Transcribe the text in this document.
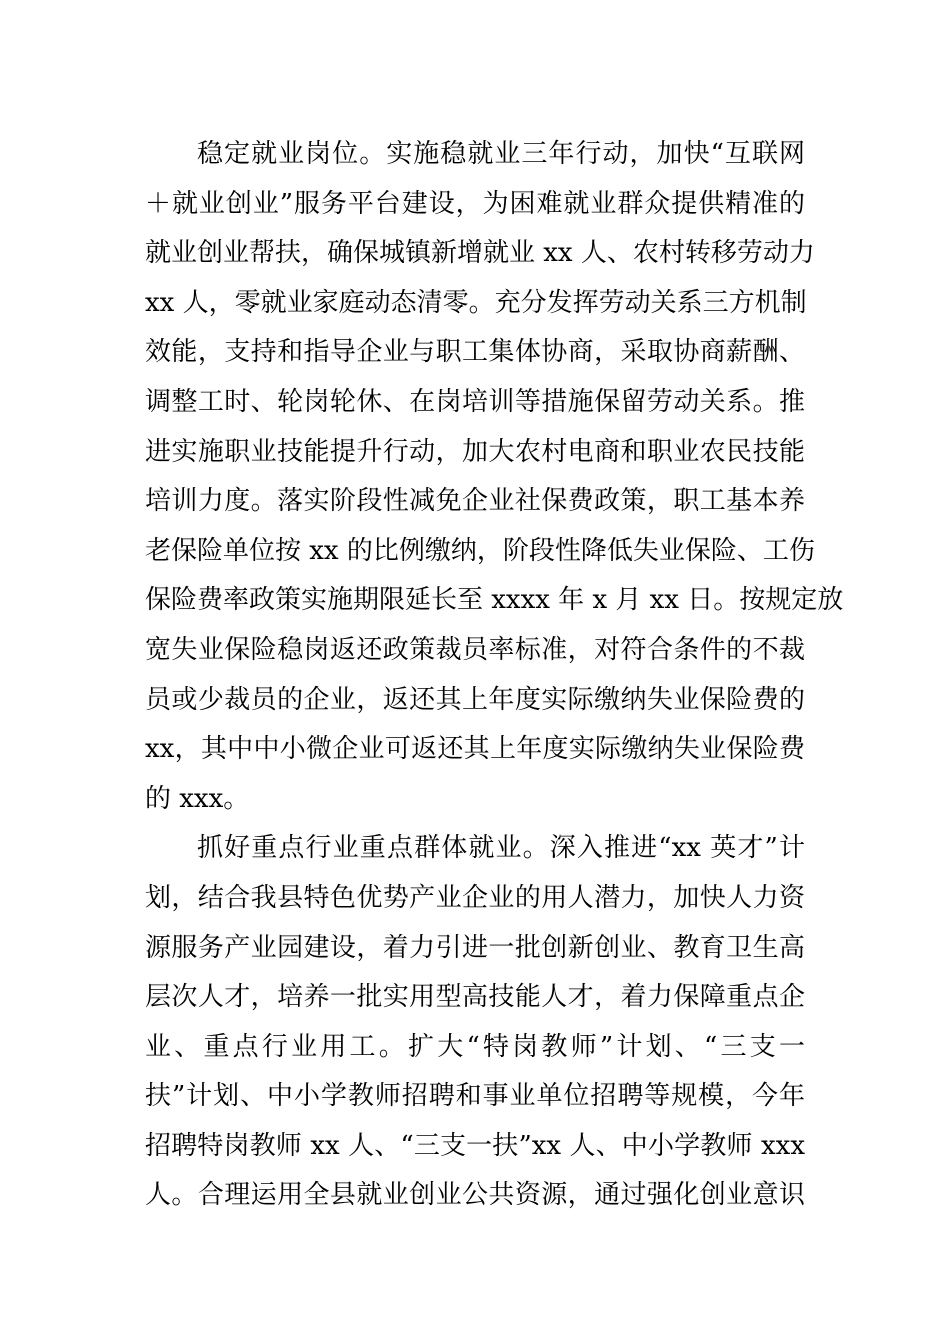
稳定就业岗位。实施稳就业三年行动，加快“互联网
＋就业创业”服务平台建设，为困难就业群众提供精准的
就业创业帮扶，确保城镇新增就业 xx 人、农村转移劳动力
xx 人，零就业家庭动态清零。充分发挥劳动关系三方机制
效能，支持和指导企业与职工集体协商，采取协商薪酬、
调整工时、轮岗轮休、在岗培训等措施保留劳动关系。推
进实施职业技能提升行动，加大农村电商和职业农民技能
培训力度。落实阶段性减免企业社保费政策，职工基本养
老保险单位按 xx 的比例缴纳，阶段性降低失业保险、工伤
保险费率政策实施期限延长至 xxxx 年 x 月 xx 日。按规定放
宽失业保险稳岗返还政策裁员率标准，对符合条件的不裁
员或少裁员的企业，返还其上年度实际缴纳失业保险费的
xx，其中中小微企业可返还其上年度实际缴纳失业保险费
的 xxx。
抓好重点行业重点群体就业。深入推进“xx 英才”计
划，结合我县特色优势产业企业的用人潜力，加快人力资
源服务产业园建设，着力引进一批创新创业、教育卫生高
层次人才，培养一批实用型高技能人才，着力保障重点企
业、重点行业用工。扩大“特岗教师”计划、“三支一
扶”计划、中小学教师招聘和事业单位招聘等规模，今年
招聘特岗教师 xx 人、“三支一扶”xx 人、中小学教师 xxx
人。合理运用全县就业创业公共资源，通过强化创业意识
